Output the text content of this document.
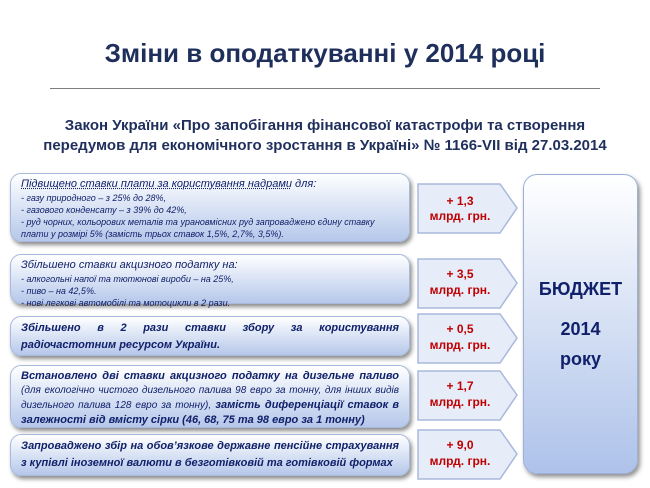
Зміни в оподаткуванні у 2014 році
Закон України «Про запобігання фінансової катастрофи та створення
передумов для економічного зростання в Україні» № 1166-VII від 27.03.2014
Підвищено ставки плати за користування надрами для:
- газу природного – з 25% до 28%,
- газового конденсату – з 39% до 42%,
- руд чорних, кольорових металів та урановмісних руд запроваджено єдину ставку плати у розмірі 5% (замість трьох ставок 1,5%, 2,7%, 3,5%).
Збільшено ставки акцизного податку на:
- алкогольні напої та тютюнові вироби – на 25%,
- пиво – на 42,5%.
- нові легкові автомобілі та мотоцикли в 2 рази.
Збільшено в 2 рази ставки збору за користування радіочастотним ресурсом України.
Встановлено дві ставки акцизного податку на дизельне паливо (для екологічно чистого дизельного палива 98 евро за тонну, для інших видів дизельного палива 128 евро за тонну), замість диференціації ставок в залежності від вмісту сірки (46, 68, 75 та 98 евро за 1 тонну)
Запроваджено збір на обов’язкове державне пенсійне страхування з купівлі іноземної валюти в безготівковій та готівковій формах
+ 1,3
млрд. грн.
+ 3,5
млрд. грн.
+ 0,5
млрд. грн.
+ 1,7
млрд. грн.
+ 9,0
млрд. грн.
БЮДЖЕТ
2014
року
